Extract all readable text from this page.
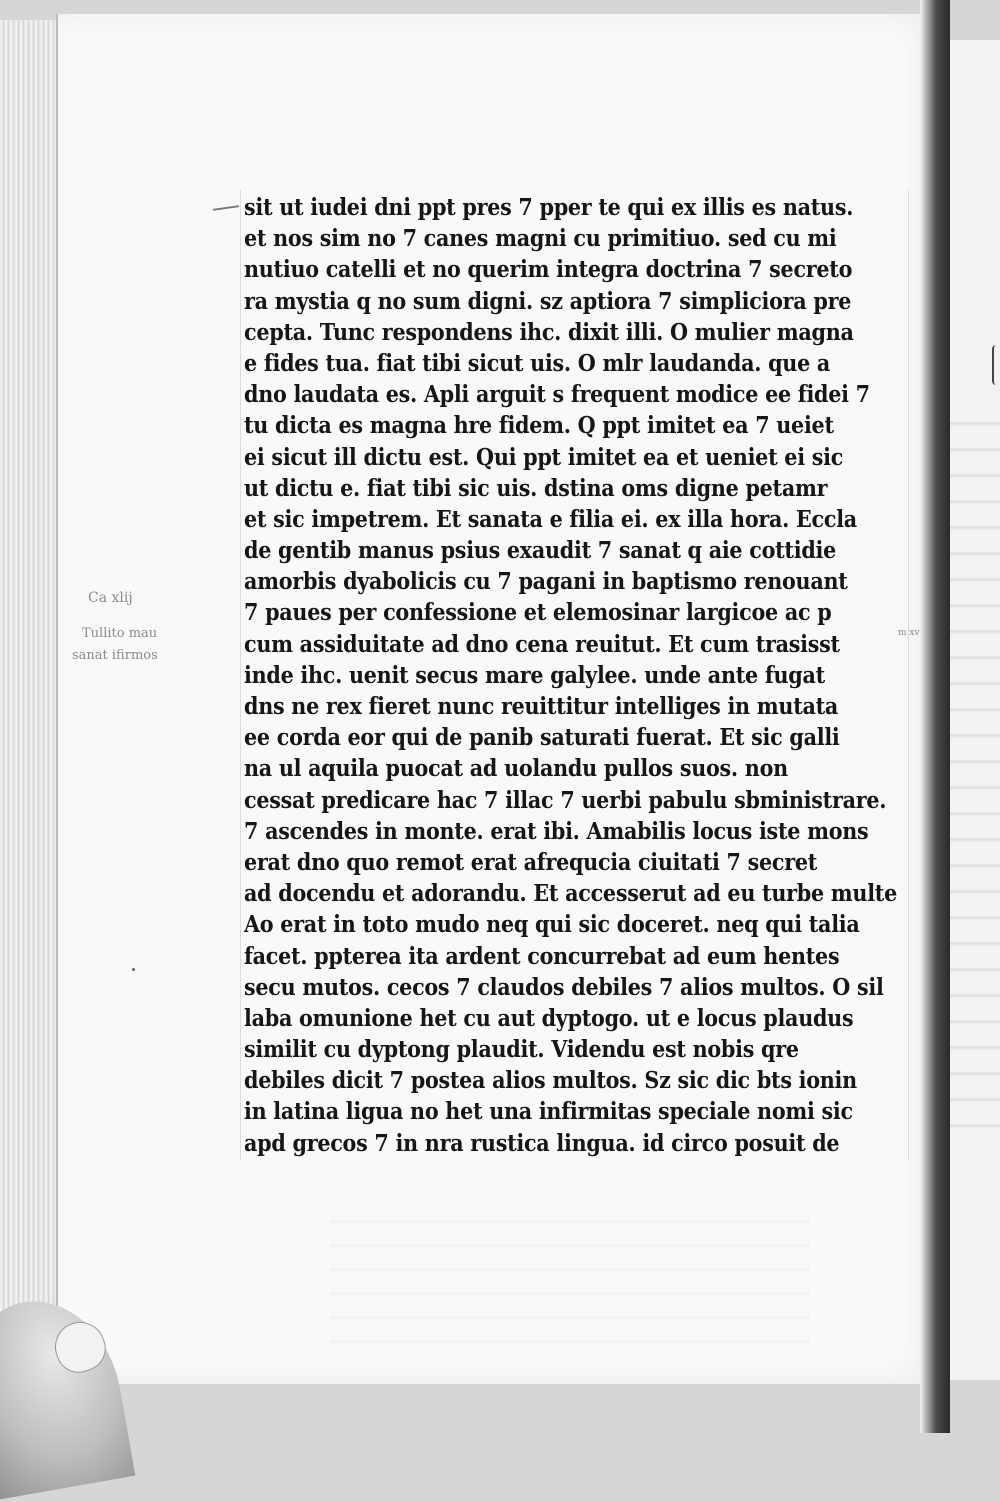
sit ut iudei dni ppt pres 7 pper te qui ex illis es natus.
et nos sim no 7 canes magni cu primitiuo. sed cu mi
nutiuo catelli et no querim integra doctrina 7 secreto
ra mystia q no sum digni. sz aptiora 7 simpliciora pre
cepta. Tunc respondens ihc. dixit illi. O mulier magna
e fides tua. fiat tibi sicut uis. O mlr laudanda. que a
dno laudata es. Apli arguit s frequent modice ee fidei 7
tu dicta es magna hre fidem. Q ppt imitet ea 7 ueiet
ei sicut ill dictu est. Qui ppt imitet ea et ueniet ei sic
ut dictu e. fiat tibi sic uis. dstina oms digne petamr
et sic impetrem. Et sanata e filia ei. ex illa hora. Eccla
de gentib manus psius exaudit 7 sanat q aie cottidie
amorbis dyabolicis cu 7 pagani in baptismo renouant
7 paues per confessione et elemosinar largicoe ac p
cum assiduitate ad dno cena reuitut. Et cum trasisst
inde ihc. uenit secus mare galylee. unde ante fugat
dns ne rex fieret nunc reuittitur intelliges in mutata
ee corda eor qui de panib saturati fuerat. Et sic galli
na ul aquila puocat ad uolandu pullos suos. non
cessat predicare hac 7 illac 7 uerbi pabulu sbministrare.
7 ascendes in monte. erat ibi. Amabilis locus iste mons
erat dno quo remot erat afrequcia ciuitati 7 secret
ad docendu et adorandu. Et accesserut ad eu turbe multe
Ao erat in toto mudo neq qui sic doceret. neq qui talia
facet. ppterea ita ardent concurrebat ad eum hentes
secu mutos. cecos 7 claudos debiles 7 alios multos. O sil
laba omunione het cu aut dyptogo. ut e locus plaudus
similit cu dyptong plaudit. Videndu est nobis qre
debiles dicit 7 postea alios multos. Sz sic dic bts ionin
in latina ligua no het una infirmitas speciale nomi sic
apd grecos 7 in nra rustica lingua. id circo posuit de
Ca xlij
Tullito mau
sanat ifirmos
m xv
